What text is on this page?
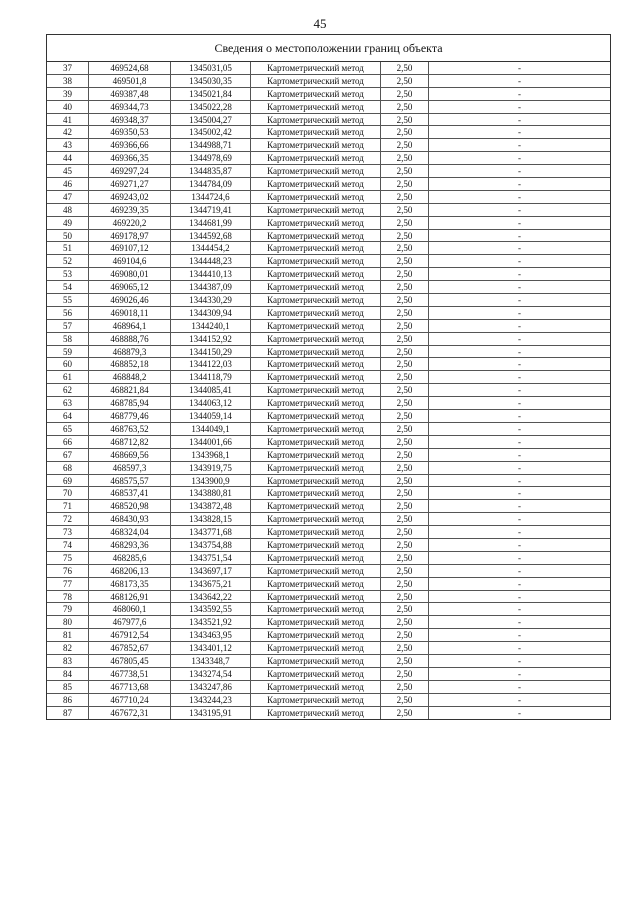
45
Сведения о местоположении границ объекта
37	469524,68	1345031,05	Картометрический метод	2,50	-
38	469501,8	1345030,35	Картометрический метод	2,50	-
39	469387,48	1345021,84	Картометрический метод	2,50	-
40	469344,73	1345022,28	Картометрический метод	2,50	-
41	469348,37	1345004,27	Картометрический метод	2,50	-
42	469350,53	1345002,42	Картометрический метод	2,50	-
43	469366,66	1344988,71	Картометрический метод	2,50	-
44	469366,35	1344978,69	Картометрический метод	2,50	-
45	469297,24	1344835,87	Картометрический метод	2,50	-
46	469271,27	1344784,09	Картометрический метод	2,50	-
47	469243,02	1344724,6	Картометрический метод	2,50	-
48	469239,35	1344719,41	Картометрический метод	2,50	-
49	469220,2	1344681,99	Картометрический метод	2,50	-
50	469178,97	1344592,68	Картометрический метод	2,50	-
51	469107,12	1344454,2	Картометрический метод	2,50	-
52	469104,6	1344448,23	Картометрический метод	2,50	-
53	469080,01	1344410,13	Картометрический метод	2,50	-
54	469065,12	1344387,09	Картометрический метод	2,50	-
55	469026,46	1344330,29	Картометрический метод	2,50	-
56	469018,11	1344309,94	Картометрический метод	2,50	-
57	468964,1	1344240,1	Картометрический метод	2,50	-
58	468888,76	1344152,92	Картометрический метод	2,50	-
59	468879,3	1344150,29	Картометрический метод	2,50	-
60	468852,18	1344122,03	Картометрический метод	2,50	-
61	468848,2	1344118,79	Картометрический метод	2,50	-
62	468821,84	1344085,41	Картометрический метод	2,50	-
63	468785,94	1344063,12	Картометрический метод	2,50	-
64	468779,46	1344059,14	Картометрический метод	2,50	-
65	468763,52	1344049,1	Картометрический метод	2,50	-
66	468712,82	1344001,66	Картометрический метод	2,50	-
67	468669,56	1343968,1	Картометрический метод	2,50	-
68	468597,3	1343919,75	Картометрический метод	2,50	-
69	468575,57	1343900,9	Картометрический метод	2,50	-
70	468537,41	1343880,81	Картометрический метод	2,50	-
71	468520,98	1343872,48	Картометрический метод	2,50	-
72	468430,93	1343828,15	Картометрический метод	2,50	-
73	468324,04	1343771,68	Картометрический метод	2,50	-
74	468293,36	1343754,88	Картометрический метод	2,50	-
75	468285,6	1343751,54	Картометрический метод	2,50	-
76	468206,13	1343697,17	Картометрический метод	2,50	-
77	468173,35	1343675,21	Картометрический метод	2,50	-
78	468126,91	1343642,22	Картометрический метод	2,50	-
79	468060,1	1343592,55	Картометрический метод	2,50	-
80	467977,6	1343521,92	Картометрический метод	2,50	-
81	467912,54	1343463,95	Картометрический метод	2,50	-
82	467852,67	1343401,12	Картометрический метод	2,50	-
83	467805,45	1343348,7	Картометрический метод	2,50	-
84	467738,51	1343274,54	Картометрический метод	2,50	-
85	467713,68	1343247,86	Картометрический метод	2,50	-
86	467710,24	1343244,23	Картометрический метод	2,50	-
87	467672,31	1343195,91	Картометрический метод	2,50	-
